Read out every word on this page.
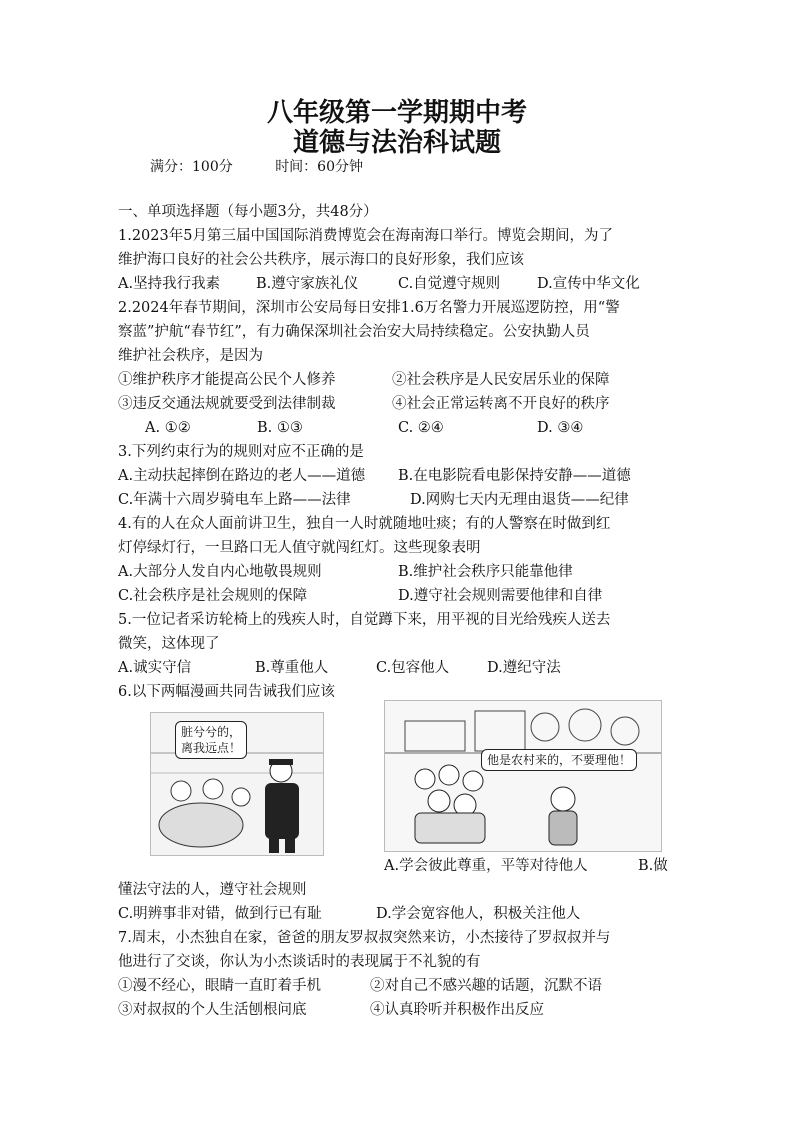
八年级第一学期期中考
道德与法治科试题
满分：100分	时间：60分钟
一、单项选择题（每小题3分，共48分）
1.2023年5月第三届中国国际消费博览会在海南海口举行。博览会期间，为了
维护海口良好的社会公共秩序，展示海口的良好形象，我们应该
A.坚持我行我素 B.遵守家族礼仪	C.自觉遵守规则	D.宣传中华文化
2.2024年春节期间，深圳市公安局每日安排1.6万名警力开展巡逻防控，用“警
察蓝”护航“春节红”，有力确保深圳社会治安大局持续稳定。公安执勤人员
维护社会秩序，是因为
①维护秩序才能提高公民个人修养	②社会秩序是人民安居乐业的保障
③违反交通法规就要受到法律制裁	④社会正常运转离不开良好的秩序
A. ①②	B. ①③	C. ②④	D. ③④
3.下列约束行为的规则对应不正确的是
A.主动扶起摔倒在路边的老人——道德 B.在电影院看电影保持安静——道德
C.年满十六周岁骑电车上路——法律	D.网购七天内无理由退货——纪律
4.有的人在众人面前讲卫生，独自一人时就随地吐痰；有的人警察在时做到红
灯停绿灯行，一旦路口无人值守就闯红灯。这些现象表明
A.大部分人发自内心地敬畏规则	B.维护社会秩序只能靠他律
C.社会秩序是社会规则的保障	D.遵守社会规则需要他律和自律
5.一位记者采访轮椅上的残疾人时，自觉蹲下来，用平视的目光给残疾人送去
微笑，这体现了
A.诚实守信	B.尊重他人	C.包容他人	D.遵纪守法
6.以下两幅漫画共同告诫我们应该
脏兮兮的，
离我远点！
他是农村来的，不要理他！
A.学会彼此尊重，平等对待他人	B.做
懂法守法的人，遵守社会规则
C.明辨事非对错，做到行已有耻	D.学会宽容他人，积极关注他人
7.周末，小杰独自在家，爸爸的朋友罗叔叔突然来访，小杰接待了罗叔叔并与
他进行了交谈，你认为小杰谈话时的表现属于不礼貌的有
①漫不经心，眼睛一直盯着手机	②对自己不感兴趣的话题，沉默不语
③对叔叔的个人生活刨根问底	④认真聆听并积极作出反应
